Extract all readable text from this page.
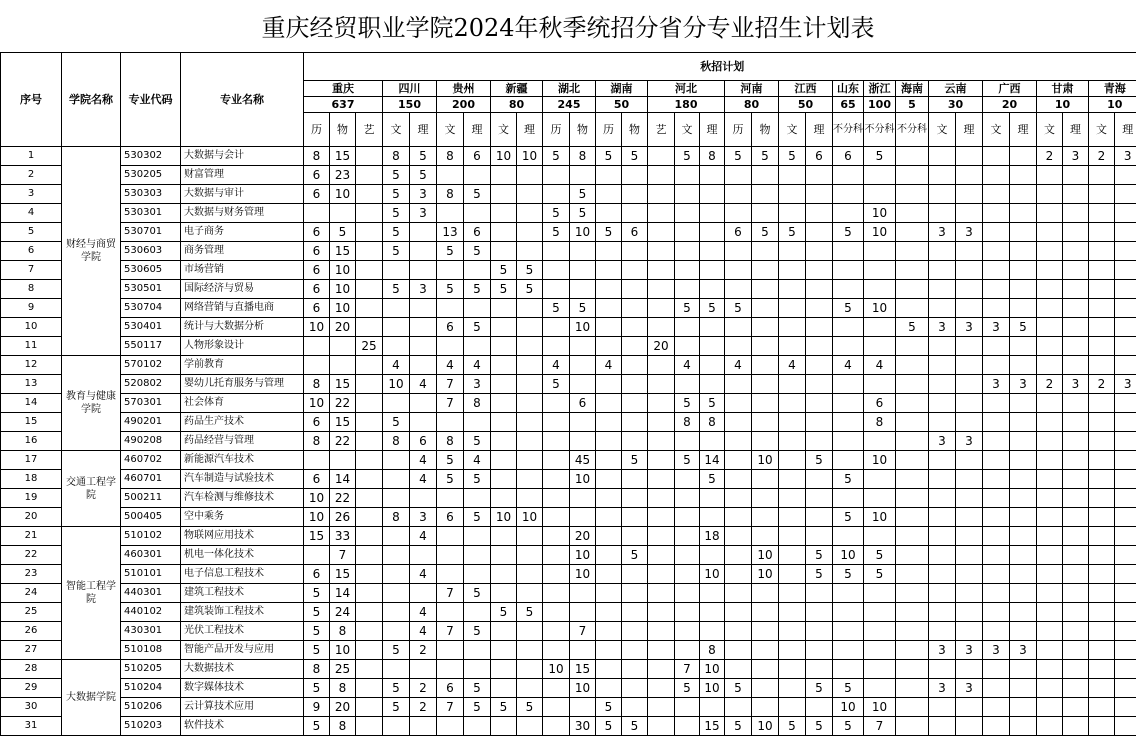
重庆经贸职业学院2024年秋季统招分省分专业招生计划表
序号	学院名称	专业代码	专业名称	秋招计划																														
				重庆			四川		贵州		新疆		湖北		湖南		河北			河南		江西		山东	浙江	海南	云南		广西		甘肃		青海	
				637			150		200		80		245		50		180			80		50		65	100	5	30		20		10		10	
				历	物	艺	文	理	文	理	文	理	历	物	历	物	艺	文	理	历	物	文	理	不分科	不分科	不分科	文	理	文	理	文	理	文	理
1	财经与商贸学院	530302	大数据与会计	8	15		8	5	8	6	10	10	5	8	5	5		5	8	5	5	5	6	6	5						2	3	2	3
2		530205	财富管理	6	23		5	5																										
3		530303	大数据与审计	6	10		5	3	8	5				5																				
4		530301	大数据与财务管理				5	3					5	5											10									
5		530701	电子商务	6	5		5		13	6			5	10	5	6				6	5	5		5	10		3	3						
6		530603	商务管理	6	15		5		5	5																								
7		530605	市场营销	6	10						5	5																						
8		530501	国际经济与贸易	6	10		5	3	5	5	5	5																						
9		530704	网络营销与直播电商	6	10								5	5				5	5	5				5	10									
10		530401	统计与大数据分析	10	20				6	5				10												5	3	3	3	5				
11		550117	人物形象设计			25											20																	
12	教育与健康学院	570102	学前教育				4		4	4			4		4			4		4		4		4	4									
13		520802	婴幼儿托育服务与管理	8	15		10	4	7	3			5																3	3	2	3	2	3
14		570301	社会体育	10	22				7	8				6				5	5						6									
15		490201	药品生产技术	6	15		5											8	8						8									
16		490208	药品经营与管理	8	22		8	6	8	5																	3	3						
17	交通工程学院	460702	新能源汽车技术					4	5	4				45		5		5	14		10		5		10									
18		460701	汽车制造与试验技术	6	14			4	5	5				10					5					5										
19		500211	汽车检测与维修技术	10	22																													
20		500405	空中乘务	10	26		8	3	6	5	10	10												5	10									
21	智能工程学院	510102	物联网应用技术	15	33			4						20					18															
22		460301	机电一体化技术		7									10		5					10		5	10	5									
23		510101	电子信息工程技术	6	15			4						10					10		10		5	5	5									
24		440301	建筑工程技术	5	14				7	5																								
25		440102	建筑装饰工程技术	5	24			4			5	5																						
26		430301	光伏工程技术	5	8			4	7	5				7																				
27		510108	智能产品开发与应用	5	10		5	2											8								3	3	3	3				
28	大数据学院	510205	大数据技术	8	25								10	15				7	10															
29		510204	数字媒体技术	5	8		5	2	6	5				10				5	10	5			5	5			3	3						
30		510206	云计算技术应用	9	20		5	2	7	5	5	5			5									10	10									
31		510203	软件技术	5	8									30	5	5			15	5	10	5	5	5	7									
